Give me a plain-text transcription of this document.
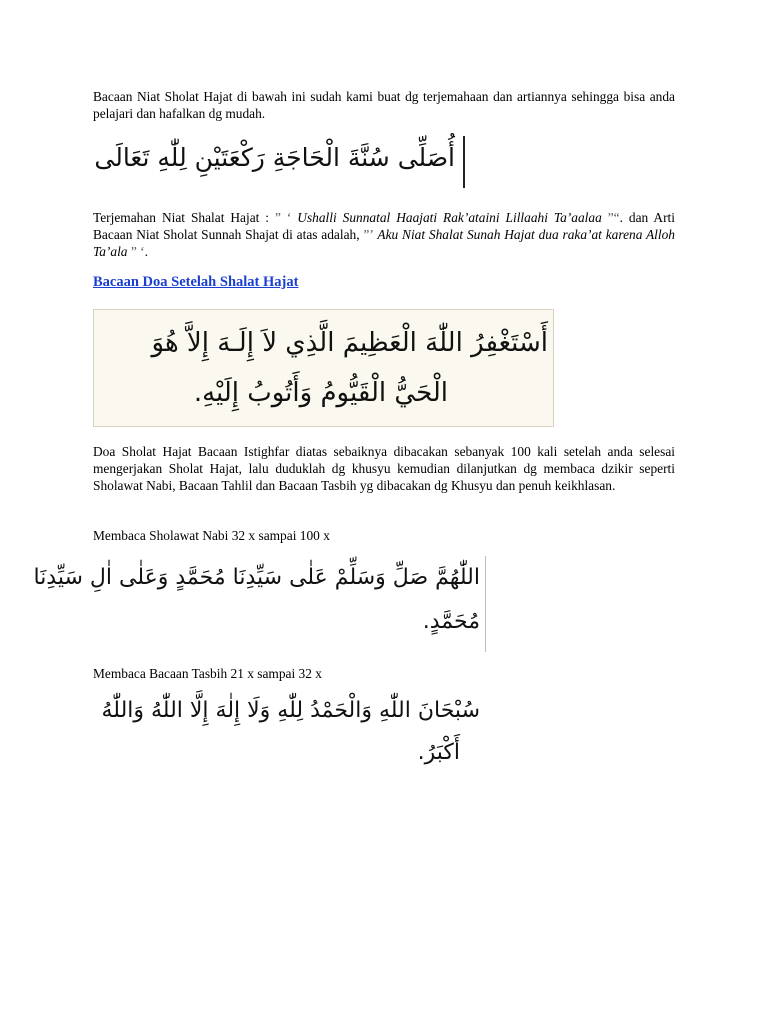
Bacaan Niat Sholat Hajat di bawah ini sudah kami buat dg terjemahaan dan artiannya sehingga bisa anda pelajari dan hafalkan dg mudah.

أُصَلِّى سُنَّةَ الْحَاجَةِ رَكْعَتَيْنِ لِلّٰهِ تَعَالَى

Terjemahan Niat Shalat Hajat : ” ‘ Ushalli Sunnatal Haajati Rak’ataini Lillaahi Ta’aalaa ”“. dan Arti Bacaan Niat Sholat Sunnah Shajat di atas adalah, ”’ Aku Niat Shalat Sunah Hajat dua raka’at karena Alloh Ta’ala ” ‘.

Bacaan Doa Setelah Shalat Hajat
أَسْتَغْفِرُ اللّٰهَ الْعَظِيمَ الَّذِي لاَ إِلَـهَ إِلاَّ هُوَ
الْحَيُّ الْقَيُّومُ وَأَتُوبُ إِلَيْهِ.

Doa Sholat Hajat Bacaan Istighfar diatas sebaiknya dibacakan sebanyak 100 kali setelah anda selesai mengerjakan Sholat Hajat, lalu duduklah dg khusyu kemudian dilanjutkan dg membaca dzikir seperti Sholawat Nabi, Bacaan Tahlil dan Bacaan Tasbih yg dibacakan dg Khusyu dan penuh keikhlasan.

Membaca Sholawat Nabi 32 x sampai 100 x

اللّٰهُمَّ صَلِّ وَسَلِّمْ عَلٰى سَيِّدِنَا مُحَمَّدٍ وَعَلٰى اٰلِ سَيِّدِنَا
مُحَمَّدٍ.

Membaca Bacaan Tasbih 21 x sampai 32 x

سُبْحَانَ اللّٰهِ وَالْحَمْدُ لِلّٰهِ وَلَا إِلٰهَ إِلَّا اللّٰهُ وَاللّٰهُ
أَكْبَرُ.
